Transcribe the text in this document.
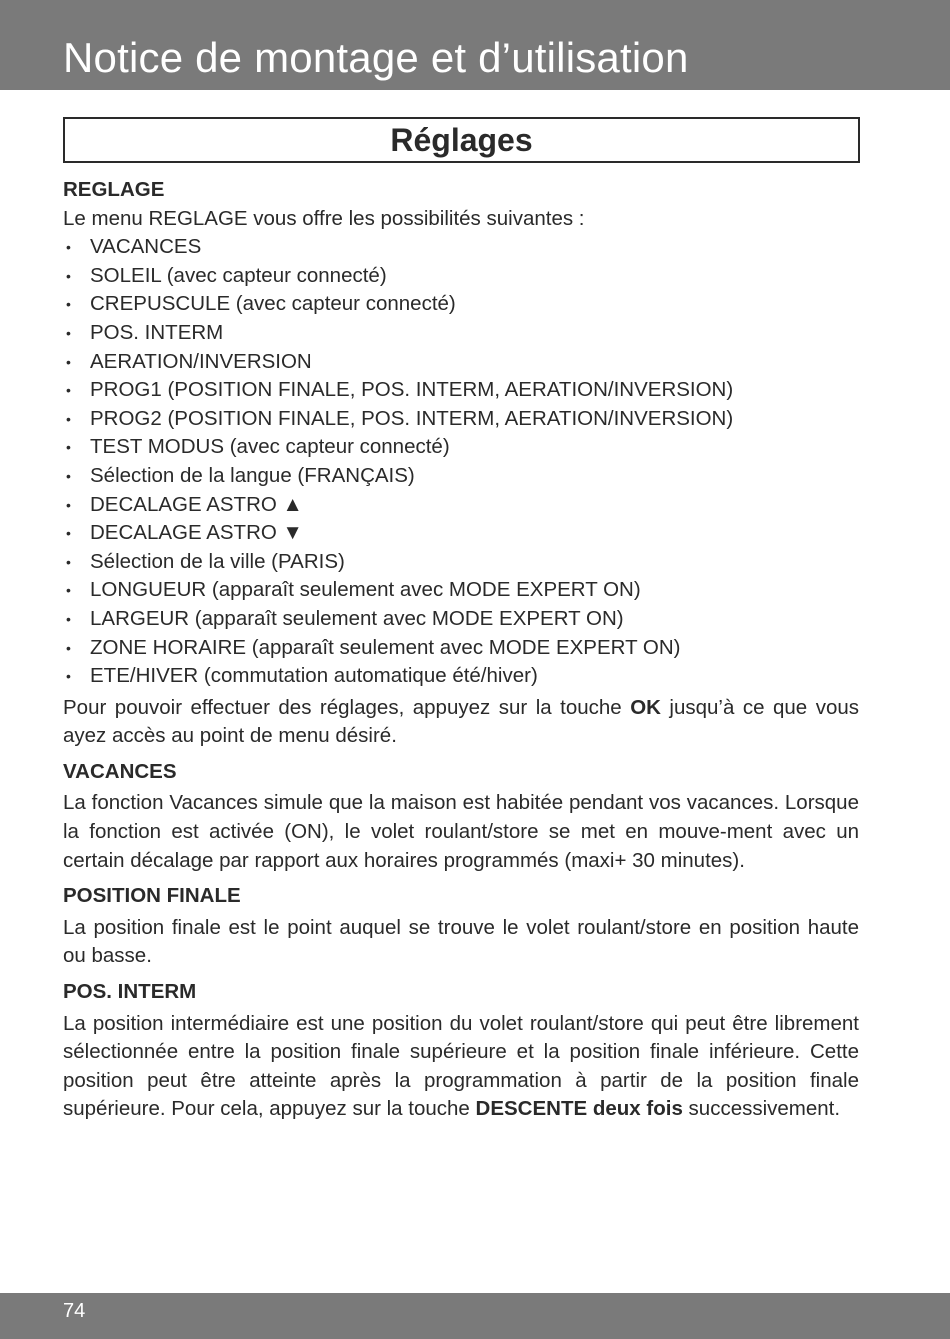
Notice de montage et d’utilisation
Réglages
REGLAGE

Le menu REGLAGE vous offre les possibilités suivantes :

• VACANCES
• SOLEIL (avec capteur connecté)
• CREPUSCULE (avec capteur connecté)
• POS. INTERM
• AERATION/INVERSION
• PROG1 (POSITION FINALE, POS. INTERM, AERATION/INVERSION)
• PROG2 (POSITION FINALE, POS. INTERM, AERATION/INVERSION)
• TEST MODUS (avec capteur connecté)
• Sélection de la langue (FRANÇAIS)
• DECALAGE ASTRO ▲
• DECALAGE ASTRO ▼
• Sélection de la ville (PARIS)
• LONGUEUR (apparaît seulement avec MODE EXPERT ON)
• LARGEUR (apparaît seulement avec MODE EXPERT ON)
• ZONE HORAIRE (apparaît seulement avec MODE EXPERT ON)
• ETE/HIVER (commutation automatique été/hiver)

Pour pouvoir effectuer des réglages, appuyez sur la touche OK jusqu’à ce que vous ayez accès au point de menu désiré.

VACANCES

La fonction Vacances simule que la maison est habitée pendant vos vacances. Lorsque la fonction est activée (ON), le volet roulant/store se met en mouve-ment avec un certain décalage par rapport aux horaires programmés (maxi+ 30 minutes).

POSITION FINALE

La position finale est le point auquel se trouve le volet roulant/store en position haute ou basse.

POS. INTERM

La position intermédiaire est une position du volet roulant/store qui peut être librement sélectionnée entre la position finale supérieure et la position finale inférieure. Cette position peut être atteinte après la programmation à partir de la position finale supérieure. Pour cela, appuyez sur la touche DESCENTE deux fois successivement.

74
